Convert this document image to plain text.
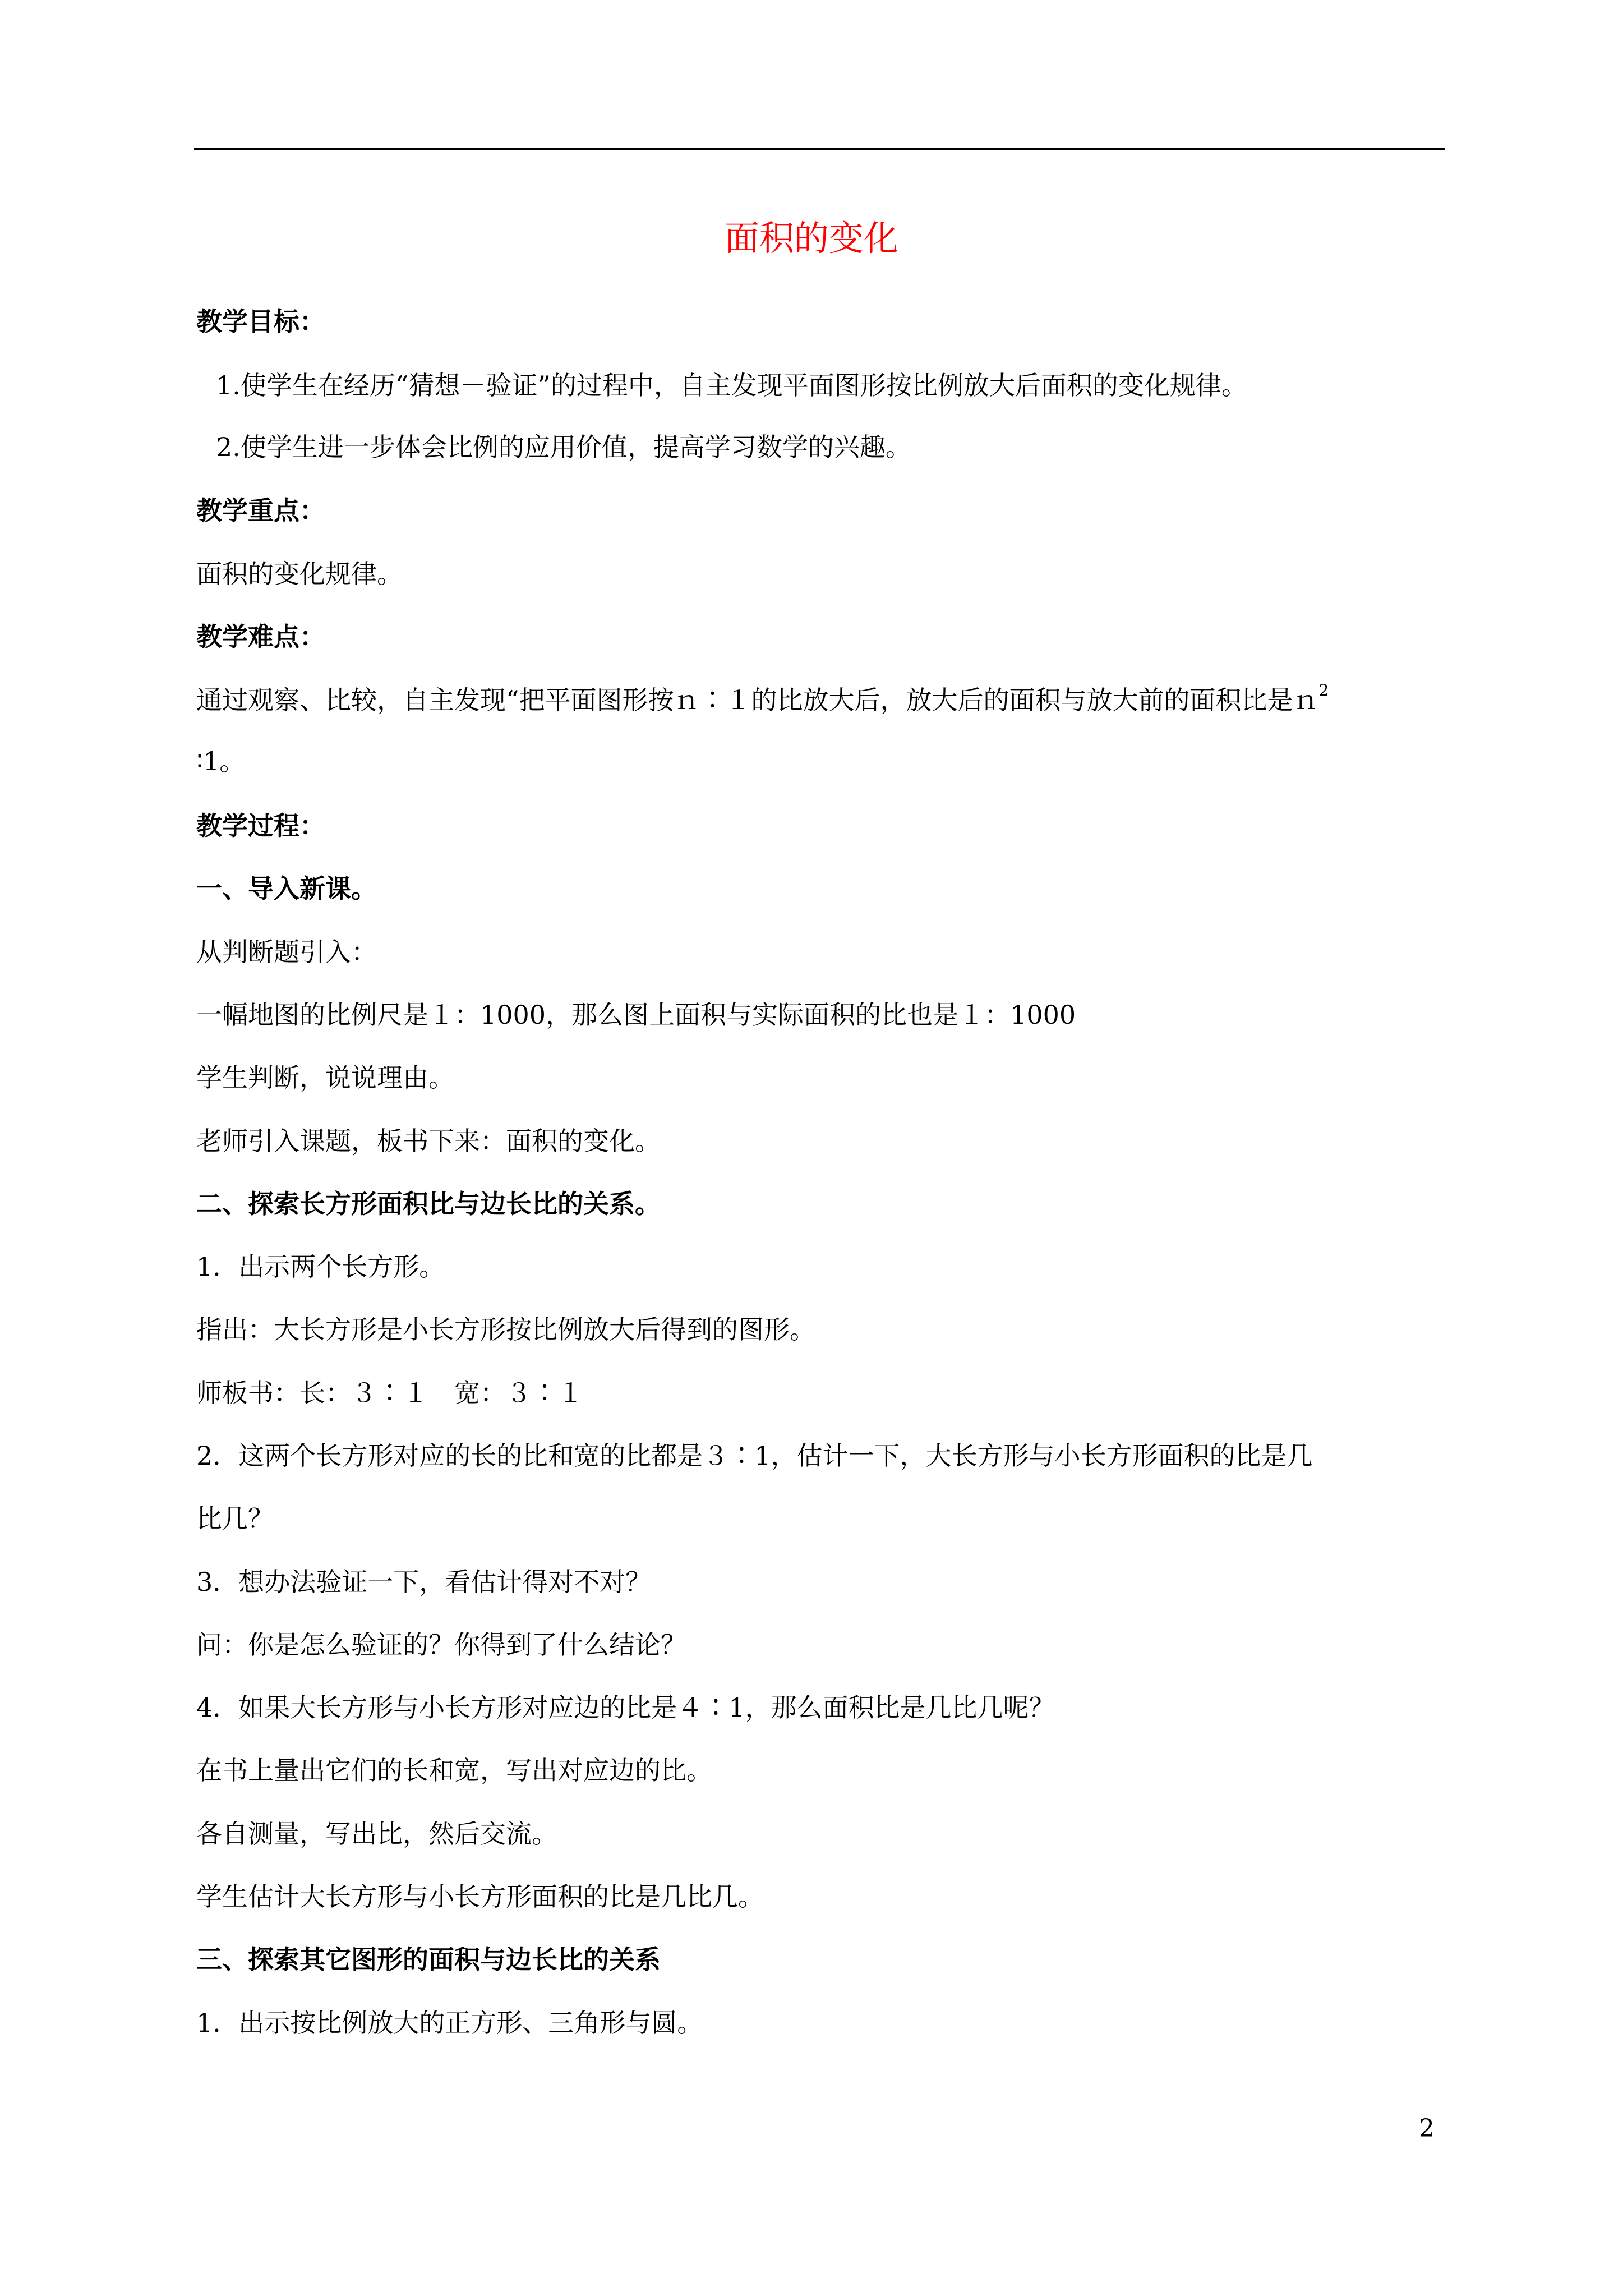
面积的变化
教学目标：
1.使学生在经历“猜想－验证”的过程中，自主发现平面图形按比例放大后面积的变化规律。
2.使学生进一步体会比例的应用价值，提高学习数学的兴趣。
教学重点：
面积的变化规律。
教学难点：
通过观察、比较，自主发现“把平面图形按ｎ∶１的比放大后，放大后的面积与放大前的面积比是ｎ$^2$
∶1。
教学过程：
一、导入新课。
从判断题引入：
一幅地图的比例尺是１：1000，那么图上面积与实际面积的比也是１：1000
学生判断，说说理由。
老师引入课题，板书下来：面积的变化。
二、探索长方形面积比与边长比的关系。
1．出示两个长方形。
指出：大长方形是小长方形按比例放大后得到的图形。
师板书：长：３∶１　宽：３∶１
2．这两个长方形对应的长的比和宽的比都是３∶1，估计一下，大长方形与小长方形面积的比是几
比几？
3．想办法验证一下，看估计得对不对？
问：你是怎么验证的？你得到了什么结论？
4．如果大长方形与小长方形对应边的比是４∶1，那么面积比是几比几呢？
在书上量出它们的长和宽，写出对应边的比。
各自测量，写出比，然后交流。
学生估计大长方形与小长方形面积的比是几比几。
三、探索其它图形的面积与边长比的关系
1．出示按比例放大的正方形、三角形与圆。
2
